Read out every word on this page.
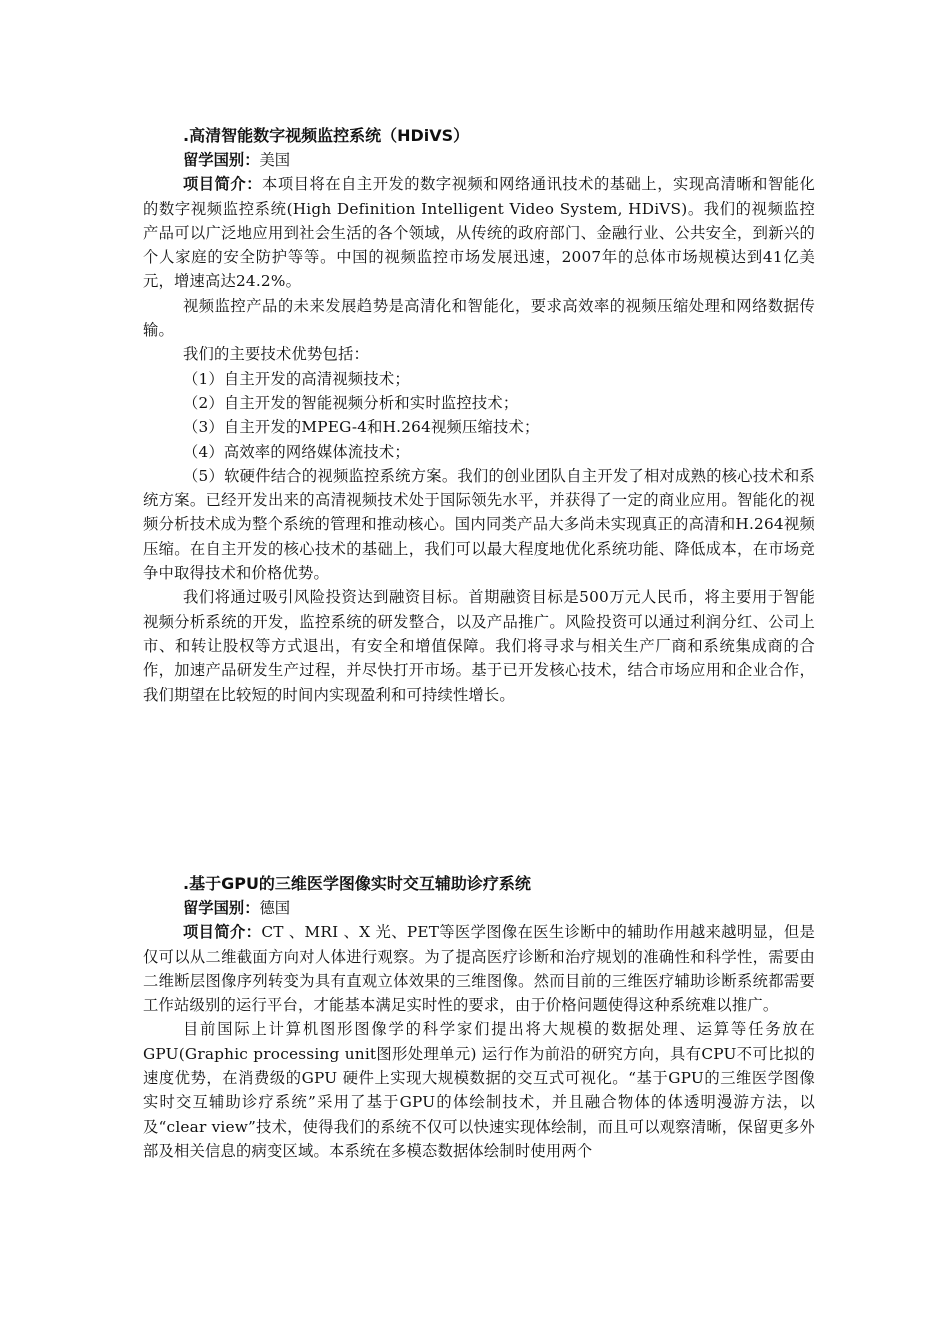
.高清智能数字视频监控系统（HDiVS）

留学国别：美国

项目简介：本项目将在自主开发的数字视频和网络通讯技术的基础上，实现高清晰和智能化的数字视频监控系统(High Definition Intelligent Video System, HDiVS)。我们的视频监控产品可以广泛地应用到社会生活的各个领域，从传统的政府部门、金融行业、公共安全，到新兴的个人家庭的安全防护等等。中国的视频监控市场发展迅速，2007年的总体市场规模达到41亿美元，增速高达24.2%。

视频监控产品的未来发展趋势是高清化和智能化，要求高效率的视频压缩处理和网络数据传输。

我们的主要技术优势包括：

（1）自主开发的高清视频技术；

（2）自主开发的智能视频分析和实时监控技术；

（3）自主开发的MPEG-4和H.264视频压缩技术；

（4）高效率的网络媒体流技术；

（5）软硬件结合的视频监控系统方案。我们的创业团队自主开发了相对成熟的核心技术和系统方案。已经开发出来的高清视频技术处于国际领先水平，并获得了一定的商业应用。智能化的视频分析技术成为整个系统的管理和推动核心。国内同类产品大多尚未实现真正的高清和H.264视频压缩。在自主开发的核心技术的基础上，我们可以最大程度地优化系统功能、降低成本，在市场竞争中取得技术和价格优势。

我们将通过吸引风险投资达到融资目标。首期融资目标是500万元人民币，将主要用于智能视频分析系统的开发，监控系统的研发整合，以及产品推广。风险投资可以通过利润分红、公司上市、和转让股权等方式退出，有安全和增值保障。我们将寻求与相关生产厂商和系统集成商的合作，加速产品研发生产过程，并尽快打开市场。基于已开发核心技术，结合市场应用和企业合作，我们期望在比较短的时间内实现盈利和可持续性增长。

.基于GPU的三维医学图像实时交互辅助诊疗系统

留学国别：德国

项目简介：CT 、MRI 、X 光、PET等医学图像在医生诊断中的辅助作用越来越明显，但是仅可以从二维截面方向对人体进行观察。为了提高医疗诊断和治疗规划的准确性和科学性，需要由二维断层图像序列转变为具有直观立体效果的三维图像。然而目前的三维医疗辅助诊断系统都需要工作站级别的运行平台，才能基本满足实时性的要求，由于价格问题使得这种系统难以推广。

目前国际上计算机图形图像学的科学家们提出将大规模的数据处理、运算等任务放在 GPU(Graphic processing unit图形处理单元) 运行作为前沿的研究方向，具有CPU不可比拟的速度优势，在消费级的GPU 硬件上实现大规模数据的交互式可视化。“基于GPU的三维医学图像实时交互辅助诊疗系统”采用了基于GPU的体绘制技术，并且融合物体的体透明漫游方法，以及“clear view”技术，使得我们的系统不仅可以快速实现体绘制，而且可以观察清晰，保留更多外部及相关信息的病变区域。本系统在多模态数据体绘制时使用两个
